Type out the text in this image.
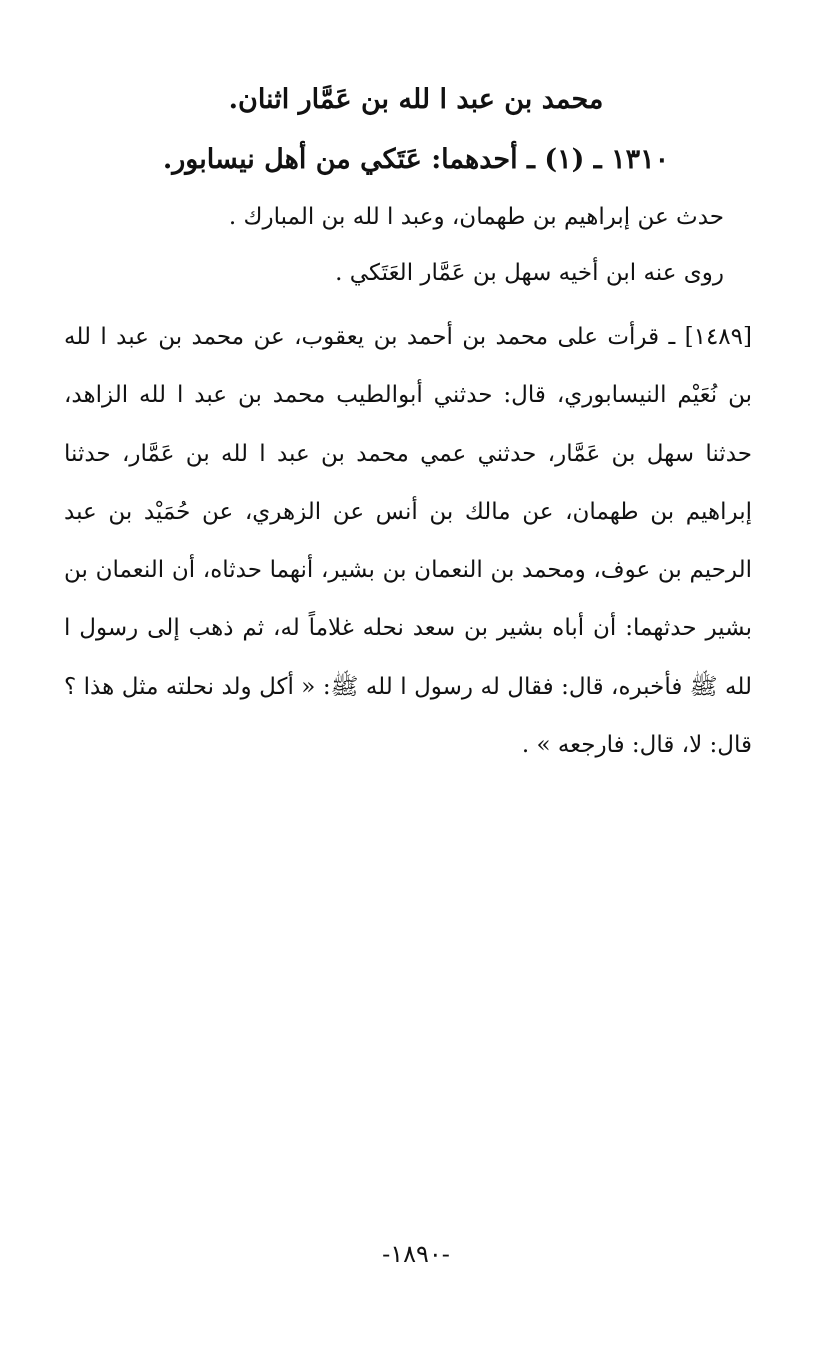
محمد بن عبد ا لله بن عَمَّار اثنان.
١٣١٠ ـ (١) ـ أحدهما: عَتَكي من أهل نيسابور.
حدث عن إبراهيم بن طهمان، وعبد ا لله بن المبارك .
روى عنه ابن أخيه سهل بن عَمَّار العَتَكي .
[١٤٨٩] ـ قرأت على محمد بن أحمد بن يعقوب، عن محمد بن عبد ا لله بن نُعَيْم النيسابوري، قال: حدثني أبوالطيب محمد بن عبد ا لله الزاهد، حدثنا سهل بن عَمَّار، حدثني عمي محمد بن عبد ا لله بن عَمَّار، حدثنا إبراهيم بن طهمان، عن مالك بن أنس عن الزهري، عن حُمَيْد بن عبد الرحيم بن عوف، ومحمد بن النعمان بن بشير، أنهما حدثاه، أن النعمان بن بشير حدثهما: أن أباه بشير بن سعد نحله غلاماً له، ثم ذهب إلى رسول ا لله ﷺ فأخبره، قال: فقال له رسول ا لله ﷺ: « أكل ولد نحلته مثل هذا ؟ قال: لا، قال: فارجعه » .
-١٨٩٠-
